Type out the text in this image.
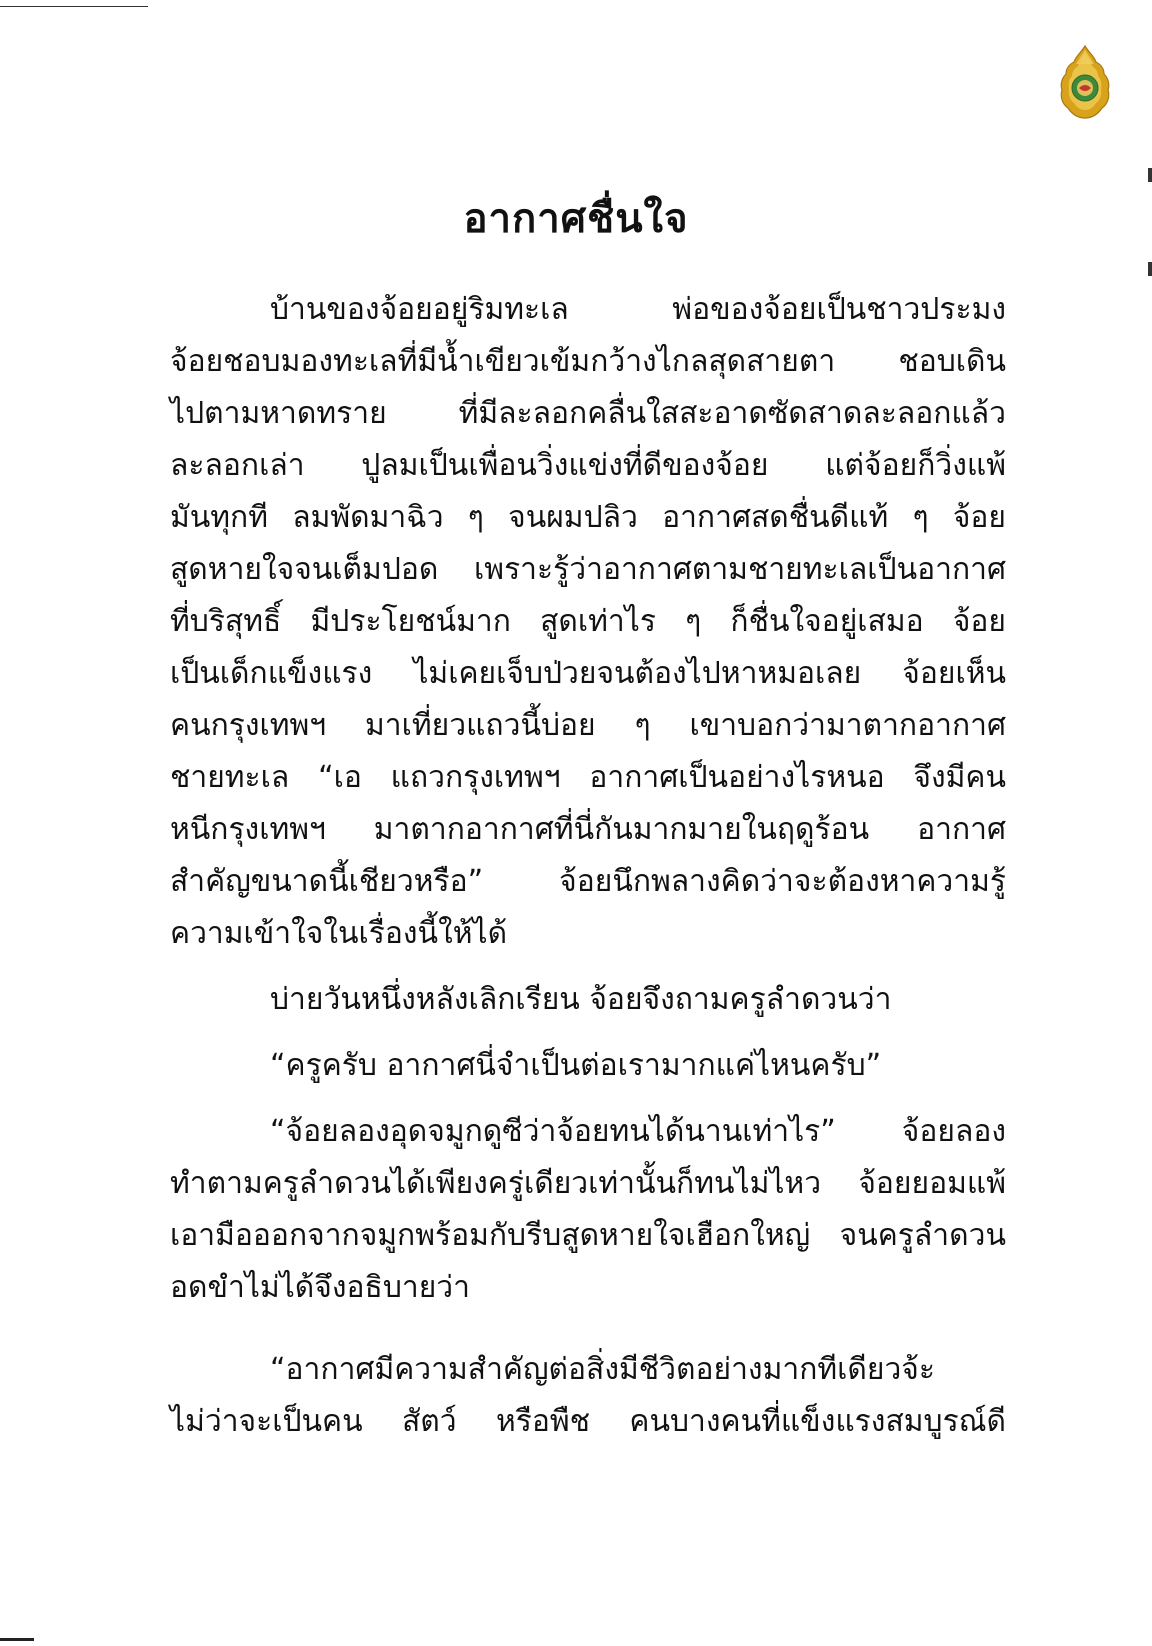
อากาศชื่นใจ
บ้านของจ้อยอยู่ริมทะเล พ่อของจ้อยเป็นชาวประมง
จ้อยชอบมองทะเลที่มีน้ำเขียวเข้มกว้างไกลสุดสายตา ชอบเดิน
ไปตามหาดทราย ที่มีละลอกคลื่นใสสะอาดซัดสาดละลอกแล้ว
ละลอกเล่า ปูลมเป็นเพื่อนวิ่งแข่งที่ดีของจ้อย แต่จ้อยก็วิ่งแพ้
มันทุกที ลมพัดมาฉิว ๆ จนผมปลิว อากาศสดชื่นดีแท้ ๆ จ้อย
สูดหายใจจนเต็มปอด เพราะรู้ว่าอากาศตามชายทะเลเป็นอากาศ
ที่บริสุทธิ์ มีประโยชน์มาก สูดเท่าไร ๆ ก็ชื่นใจอยู่เสมอ จ้อย
เป็นเด็กแข็งแรง ไม่เคยเจ็บป่วยจนต้องไปหาหมอเลย จ้อยเห็น
คนกรุงเทพฯ มาเที่ยวแถวนี้บ่อย ๆ เขาบอกว่ามาตากอากาศ
ชายทะเล “เอ แถวกรุงเทพฯ อากาศเป็นอย่างไรหนอ จึงมีคน
หนีกรุงเทพฯ มาตากอากาศที่นี่กันมากมายในฤดูร้อน อากาศ
สำคัญขนาดนี้เชียวหรือ” จ้อยนึกพลางคิดว่าจะต้องหาความรู้
ความเข้าใจในเรื่องนี้ให้ได้
บ่ายวันหนึ่งหลังเลิกเรียน จ้อยจึงถามครูลำดวนว่า
“ครูครับ อากาศนี่จำเป็นต่อเรามากแค่ไหนครับ”
“จ้อยลองอุดจมูกดูซีว่าจ้อยทนได้นานเท่าไร” จ้อยลอง
ทำตามครูลำดวนได้เพียงครู่เดียวเท่านั้นก็ทนไม่ไหว จ้อยยอมแพ้
เอามือออกจากจมูกพร้อมกับรีบสูดหายใจเฮือกใหญ่ จนครูลำดวน
อดขำไม่ได้จึงอธิบายว่า
“อากาศมีความสำคัญต่อสิ่งมีชีวิตอย่างมากทีเดียวจ้ะ
ไม่ว่าจะเป็นคน สัตว์ หรือพืช คนบางคนที่แข็งแรงสมบูรณ์ดี
